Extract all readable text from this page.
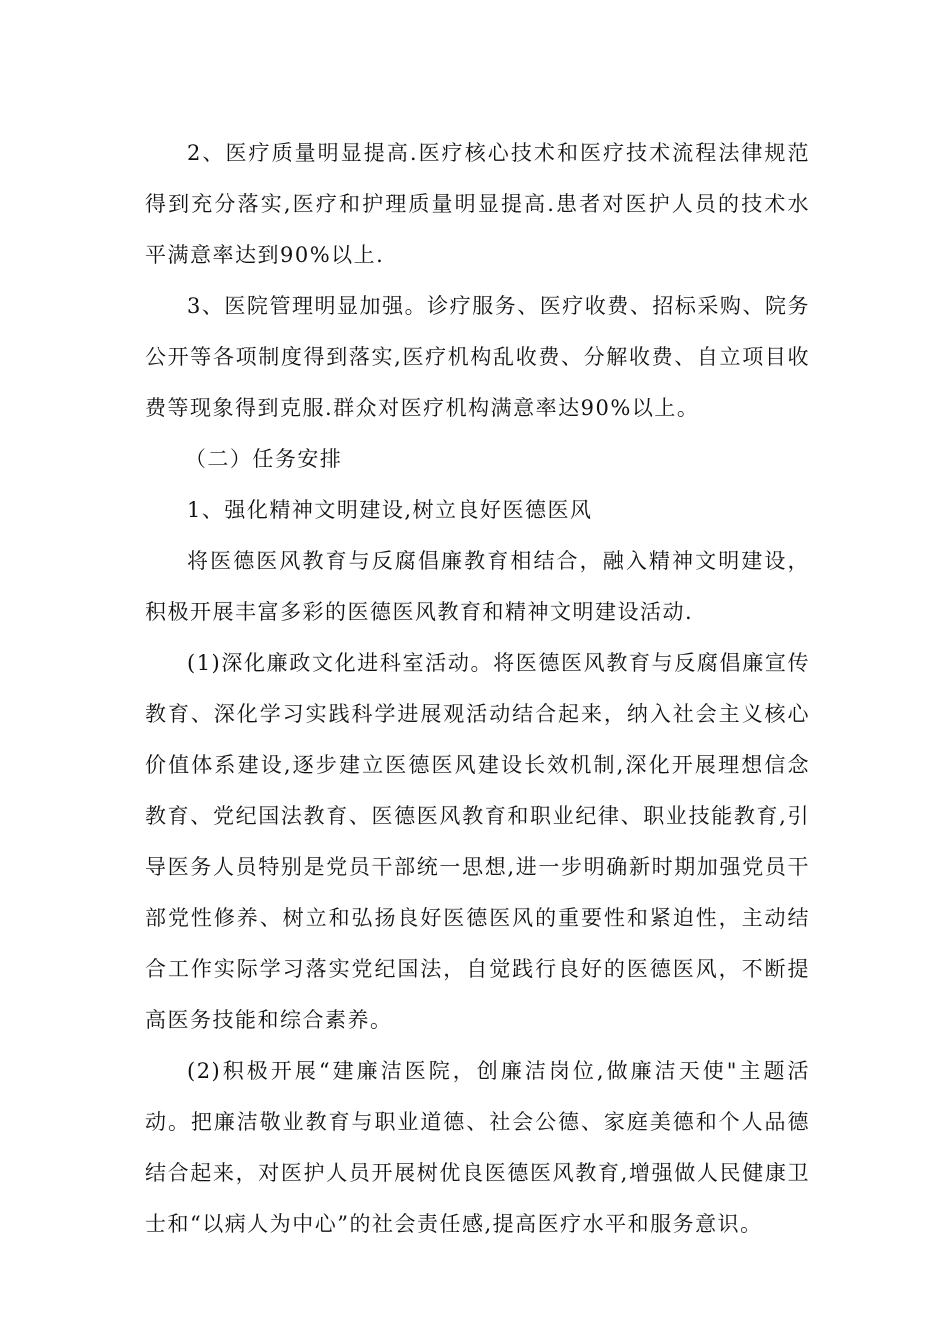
2、医疗质量明显提高.医疗核心技术和医疗技术流程法律规范得到充分落实,医疗和护理质量明显提高.患者对医护人员的技术水平满意率达到90%以上.

3、医院管理明显加强。诊疗服务、医疗收费、招标采购、院务公开等各项制度得到落实,医疗机构乱收费、分解收费、自立项目收费等现象得到克服.群众对医疗机构满意率达90%以上。

（二）任务安排

1、强化精神文明建设,树立良好医德医风

将医德医风教育与反腐倡廉教育相结合，融入精神文明建设，积极开展丰富多彩的医德医风教育和精神文明建设活动.

(1)深化廉政文化进科室活动。将医德医风教育与反腐倡廉宣传教育、深化学习实践科学进展观活动结合起来，纳入社会主义核心价值体系建设,逐步建立医德医风建设长效机制,深化开展理想信念教育、党纪国法教育、医德医风教育和职业纪律、职业技能教育,引导医务人员特别是党员干部统一思想,进一步明确新时期加强党员干部党性修养、树立和弘扬良好医德医风的重要性和紧迫性，主动结合工作实际学习落实党纪国法，自觉践行良好的医德医风，不断提高医务技能和综合素养。

(2)积极开展“建廉洁医院，创廉洁岗位,做廉洁天使"主题活动。把廉洁敬业教育与职业道德、社会公德、家庭美德和个人品德结合起来，对医护人员开展树优良医德医风教育,增强做人民健康卫士和“以病人为中心”的社会责任感,提高医疗水平和服务意识。
